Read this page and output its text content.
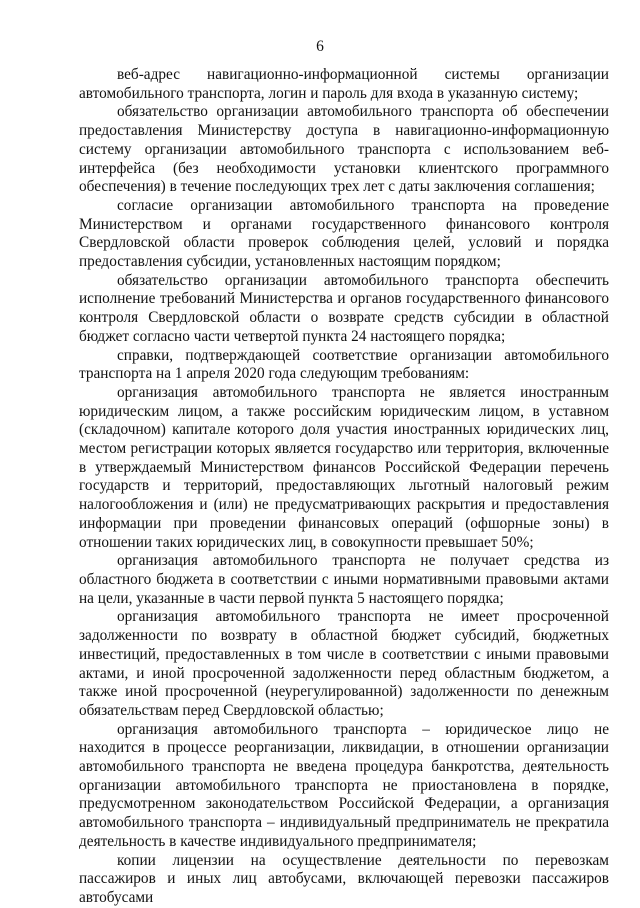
6

веб-адрес навигационно-информационной системы организации автомобильного транспорта, логин и пароль для входа в указанную систему;

обязательство организации автомобильного транспорта об обеспечении предоставления Министерству доступа в навигационно-информационную систему организации автомобильного транспорта с использованием веб-интерфейса (без необходимости установки клиентского программного обеспечения) в течение последующих трех лет с даты заключения соглашения;

согласие организации автомобильного транспорта на проведение Министерством и органами государственного финансового контроля Свердловской области проверок соблюдения целей, условий и порядка предоставления субсидии, установленных настоящим порядком;

обязательство организации автомобильного транспорта обеспечить исполнение требований Министерства и органов государственного финансового контроля Свердловской области о возврате средств субсидии в областной бюджет согласно части четвертой пункта 24 настоящего порядка;

справки, подтверждающей соответствие организации автомобильного транспорта на 1 апреля 2020 года следующим требованиям:

организация автомобильного транспорта не является иностранным юридическим лицом, а также российским юридическим лицом, в уставном (складочном) капитале которого доля участия иностранных юридических лиц, местом регистрации которых является государство или территория, включенные в утверждаемый Министерством финансов Российской Федерации перечень государств и территорий, предоставляющих льготный налоговый режим налогообложения и (или) не предусматривающих раскрытия и предоставления информации при проведении финансовых операций (офшорные зоны) в отношении таких юридических лиц, в совокупности превышает 50%;

организация автомобильного транспорта не получает средства из областного бюджета в соответствии с иными нормативными правовыми актами на цели, указанные в части первой пункта 5 настоящего порядка;

организация автомобильного транспорта не имеет просроченной задолженности по возврату в областной бюджет субсидий, бюджетных инвестиций, предоставленных в том числе в соответствии с иными правовыми актами, и иной просроченной задолженности перед областным бюджетом, а также иной просроченной (неурегулированной) задолженности по денежным обязательствам перед Свердловской областью;

организация автомобильного транспорта – юридическое лицо не находится в процессе реорганизации, ликвидации, в отношении организации автомобильного транспорта не введена процедура банкротства, деятельность организации автомобильного транспорта не приостановлена в порядке, предусмотренном законодательством Российской Федерации, а организация автомобильного транспорта – индивидуальный предприниматель не прекратила деятельность в качестве индивидуального предпринимателя;

копии лицензии на осуществление деятельности по перевозкам пассажиров и иных лиц автобусами, включающей перевозки пассажиров автобусами
